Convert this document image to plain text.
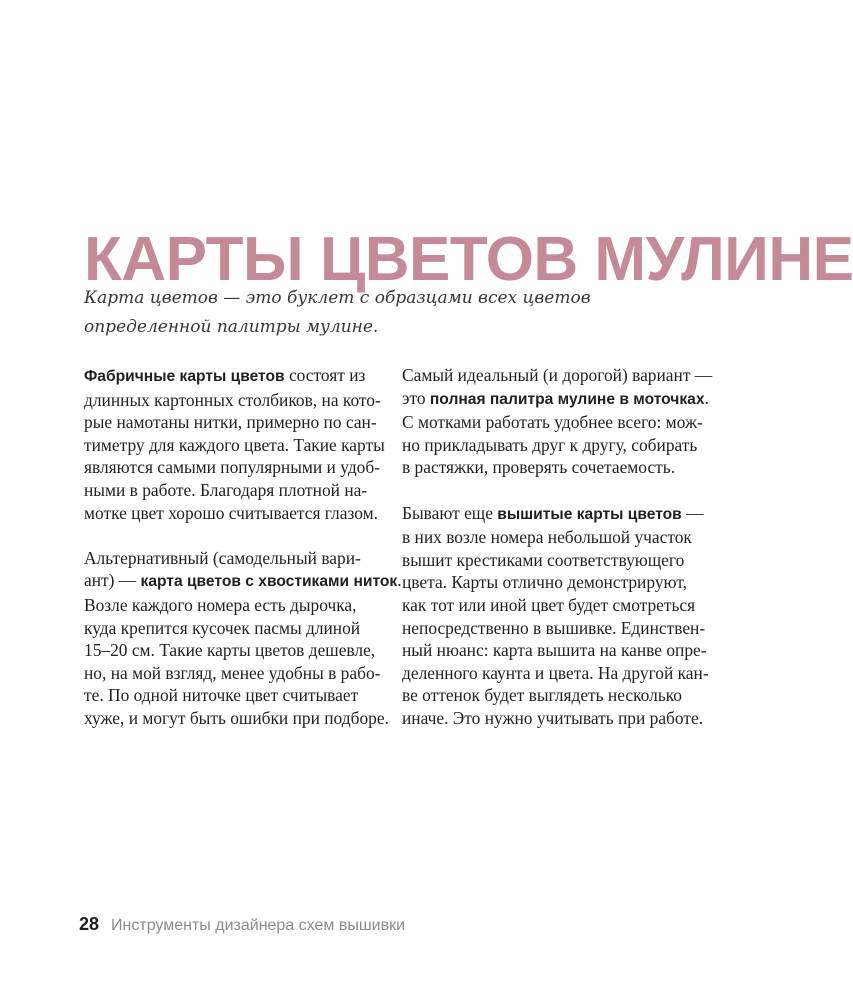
КАРТЫ ЦВЕТОВ МУЛИНЕ

Карта цветов — это буклет с образцами всех цветов

определенной палитры мулине.

Фабричные карты цветов состоят из
длинных картонных столбиков, на кото-
рые намотаны нитки, примерно по сан-
тиметру для каждого цвета. Такие карты
являются самыми популярными и удоб-
ными в работе. Благодаря плотной на-
мотке цвет хорошо считывается глазом.

Альтернативный (самодельный вари-
ант) — карта цветов с хвостиками ниток.
Возле каждого номера есть дырочка,
куда крепится кусочек пасмы длиной
15–20 см. Такие карты цветов дешевле,
но, на мой взгляд, менее удобны в рабо-
те. По одной ниточке цвет считывает
хуже, и могут быть ошибки при подборе.

Самый идеальный (и дорогой) вариант —
это полная палитра мулине в моточках.
С мотками работать удобнее всего: мож-
но прикладывать друг к другу, собирать
в растяжки, проверять сочетаемость.

Бывают еще вышитые карты цветов —
в них возле номера небольшой участок
вышит крестиками соответствующего
цвета. Карты отлично демонстрируют,
как тот или иной цвет будет смотреться
непосредственно в вышивке. Единствен-
ный нюанс: карта вышита на канве опре-
деленного каунта и цвета. На другой кан-
ве оттенок будет выглядеть несколько
иначе. Это нужно учитывать при работе.

28 Инструменты дизайнера схем вышивки
